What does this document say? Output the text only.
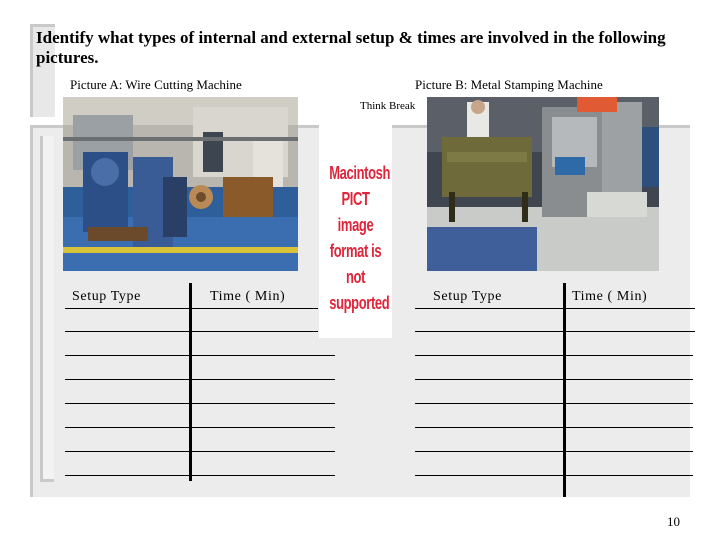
Identify what types of internal and external setup & times are involved in the following pictures.
Picture A: Wire Cutting Machine	Picture B: Metal Stamping Machine
Think Break
Macintosh PICT image format is not supported
Setup Type	Time ( Min)	Setup Type	Time ( Min)
10
